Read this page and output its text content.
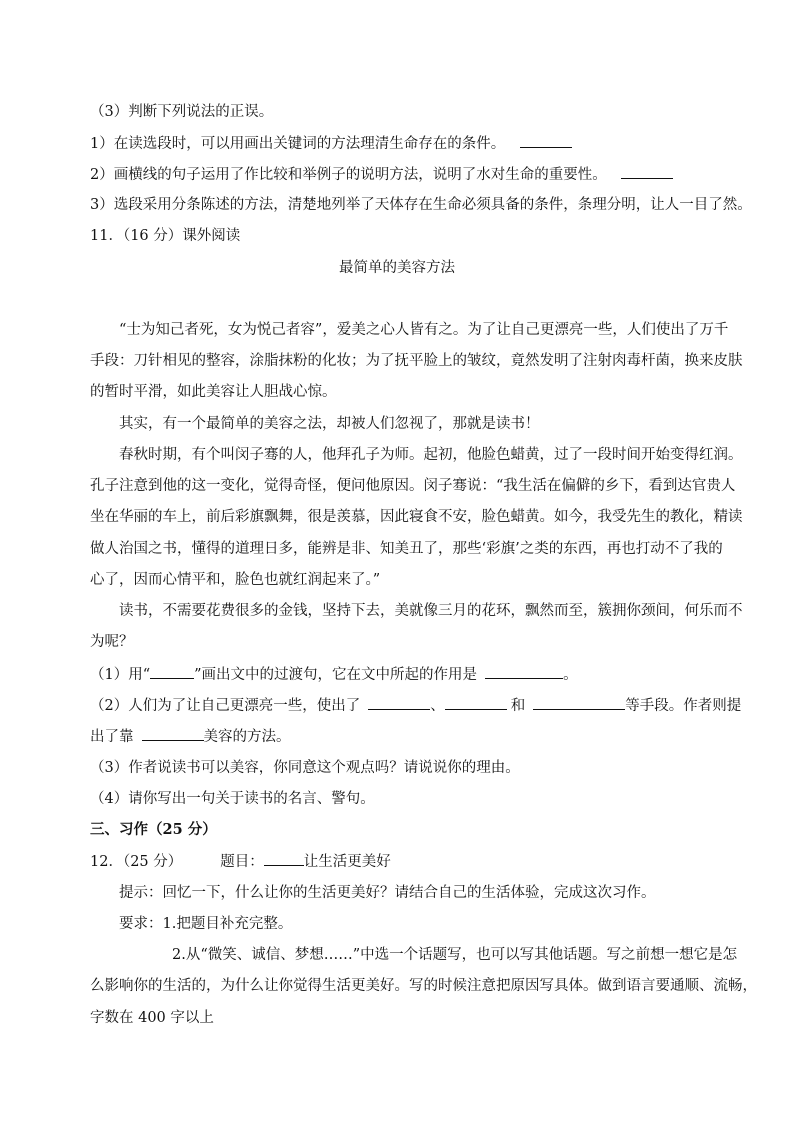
（3）判断下列说法的正误。
1）在读选段时，可以用画出关键词的方法理清生命存在的条件。
2）画横线的句子运用了作比较和举例子的说明方法，说明了水对生命的重要性。
3）选段采用分条陈述的方法，清楚地列举了天体存在生命必须具备的条件，条理分明，让人一目了然。
11．（16 分）课外阅读
最简单的美容方法
“士为知己者死，女为悦己者容”，爱美之心人皆有之。为了让自己更漂亮一些，人们使出了万千
手段：刀针相见的整容，涂脂抹粉的化妆；为了抚平脸上的皱纹，竟然发明了注射肉毒杆菌，换来皮肤
的暂时平滑，如此美容让人胆战心惊。
其实，有一个最简单的美容之法，却被人们忽视了，那就是读书！
春秋时期，有个叫闵子骞的人，他拜孔子为师。起初，他脸色蜡黄，过了一段时间开始变得红润。
孔子注意到他的这一变化，觉得奇怪，便问他原因。闵子骞说：“我生活在偏僻的乡下，看到达官贵人
坐在华丽的车上，前后彩旗飘舞，很是羡慕，因此寝食不安，脸色蜡黄。如今，我受先生的教化，精读
做人治国之书，懂得的道理日多，能辨是非、知美丑了，那些‘彩旗’之类的东西，再也打动不了我的
心了，因而心情平和，脸色也就红润起来了。”
读书，不需要花费很多的金钱，坚持下去，美就像三月的花环，飘然而至，簇拥你颈间，何乐而不
为呢？
（1）用“	”画出文中的过渡句，它在文中所起的作用是	。
（2）人们为了让自己更漂亮一些，使出了	、	和	等手段。作者则提
出了靠	美容的方法。
（3）作者说读书可以美容，你同意这个观点吗？请说说你的理由。
（4）请你写出一句关于读书的名言、警句。
三、习作（25 分）
12．（25 分）	题目：	让生活更美好
提示：回忆一下，什么让你的生活更美好？请结合自己的生活体验，完成这次习作。
要求：1.把题目补充完整。
2.从“微笑、诚信、梦想……”中选一个话题写，也可以写其他话题。写之前想一想它是怎
么影响你的生活的，为什么让你觉得生活更美好。写的时候注意把原因写具体。做到语言要通顺、流畅，
字数在 400 字以上
